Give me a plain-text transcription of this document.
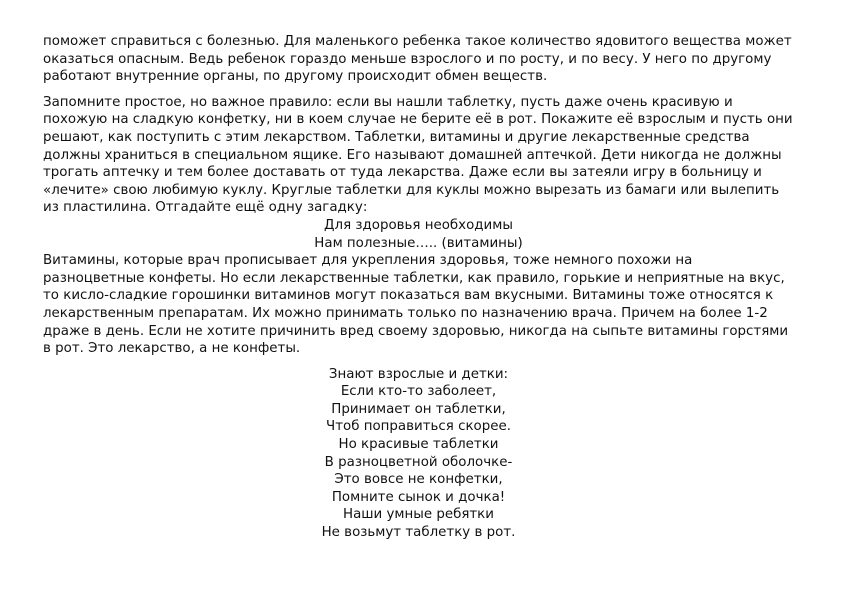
поможет справиться с болезнью. Для маленького ребенка такое количество ядовитого вещества может оказаться опасным. Ведь ребенок гораздо меньше взрослого и по росту, и по весу. У него по другому работают внутренние органы, по другому происходит обмен веществ.

Запомните простое, но важное правило: если вы нашли таблетку, пусть даже очень красивую и похожую на сладкую конфетку, ни в коем случае не берите её в рот. Покажите её взрослым и пусть они решают, как поступить с этим лекарством. Таблетки, витамины и другие лекарственные средства должны храниться в специальном ящике. Его называют домашней аптечкой. Дети никогда не должны трогать аптечку и тем более доставать от туда лекарства. Даже если вы затеяли игру в больницу и «лечите» свою любимую куклу. Круглые таблетки для куклы можно вырезать из бамаги или вылепить из пластилина. Отгадайте ещё одну загадку:

Для здоровья необходимы
Нам полезные….. (витамины)

Витамины, которые врач прописывает для укрепления здоровья, тоже немного похожи на разноцветные конфеты. Но если лекарственные таблетки, как правило, горькие и неприятные на вкус, то кисло-сладкие горошинки витаминов могут показаться вам вкусными. Витамины тоже относятся к лекарственным препаратам. Их можно принимать только по назначению врача. Причем на более 1-2 драже в день. Если не хотите причинить вред своему здоровью, никогда на сыпьте витамины горстями в рот. Это лекарство, а не конфеты.

Знают взрослые и детки:
Если кто-то заболеет,
Принимает он таблетки,
Чтоб поправиться скорее.
Но красивые таблетки
В разноцветной оболочке-
Это вовсе не конфетки,
Помните сынок и дочка!
Наши умные ребятки
Не возьмут таблетку в рот.
